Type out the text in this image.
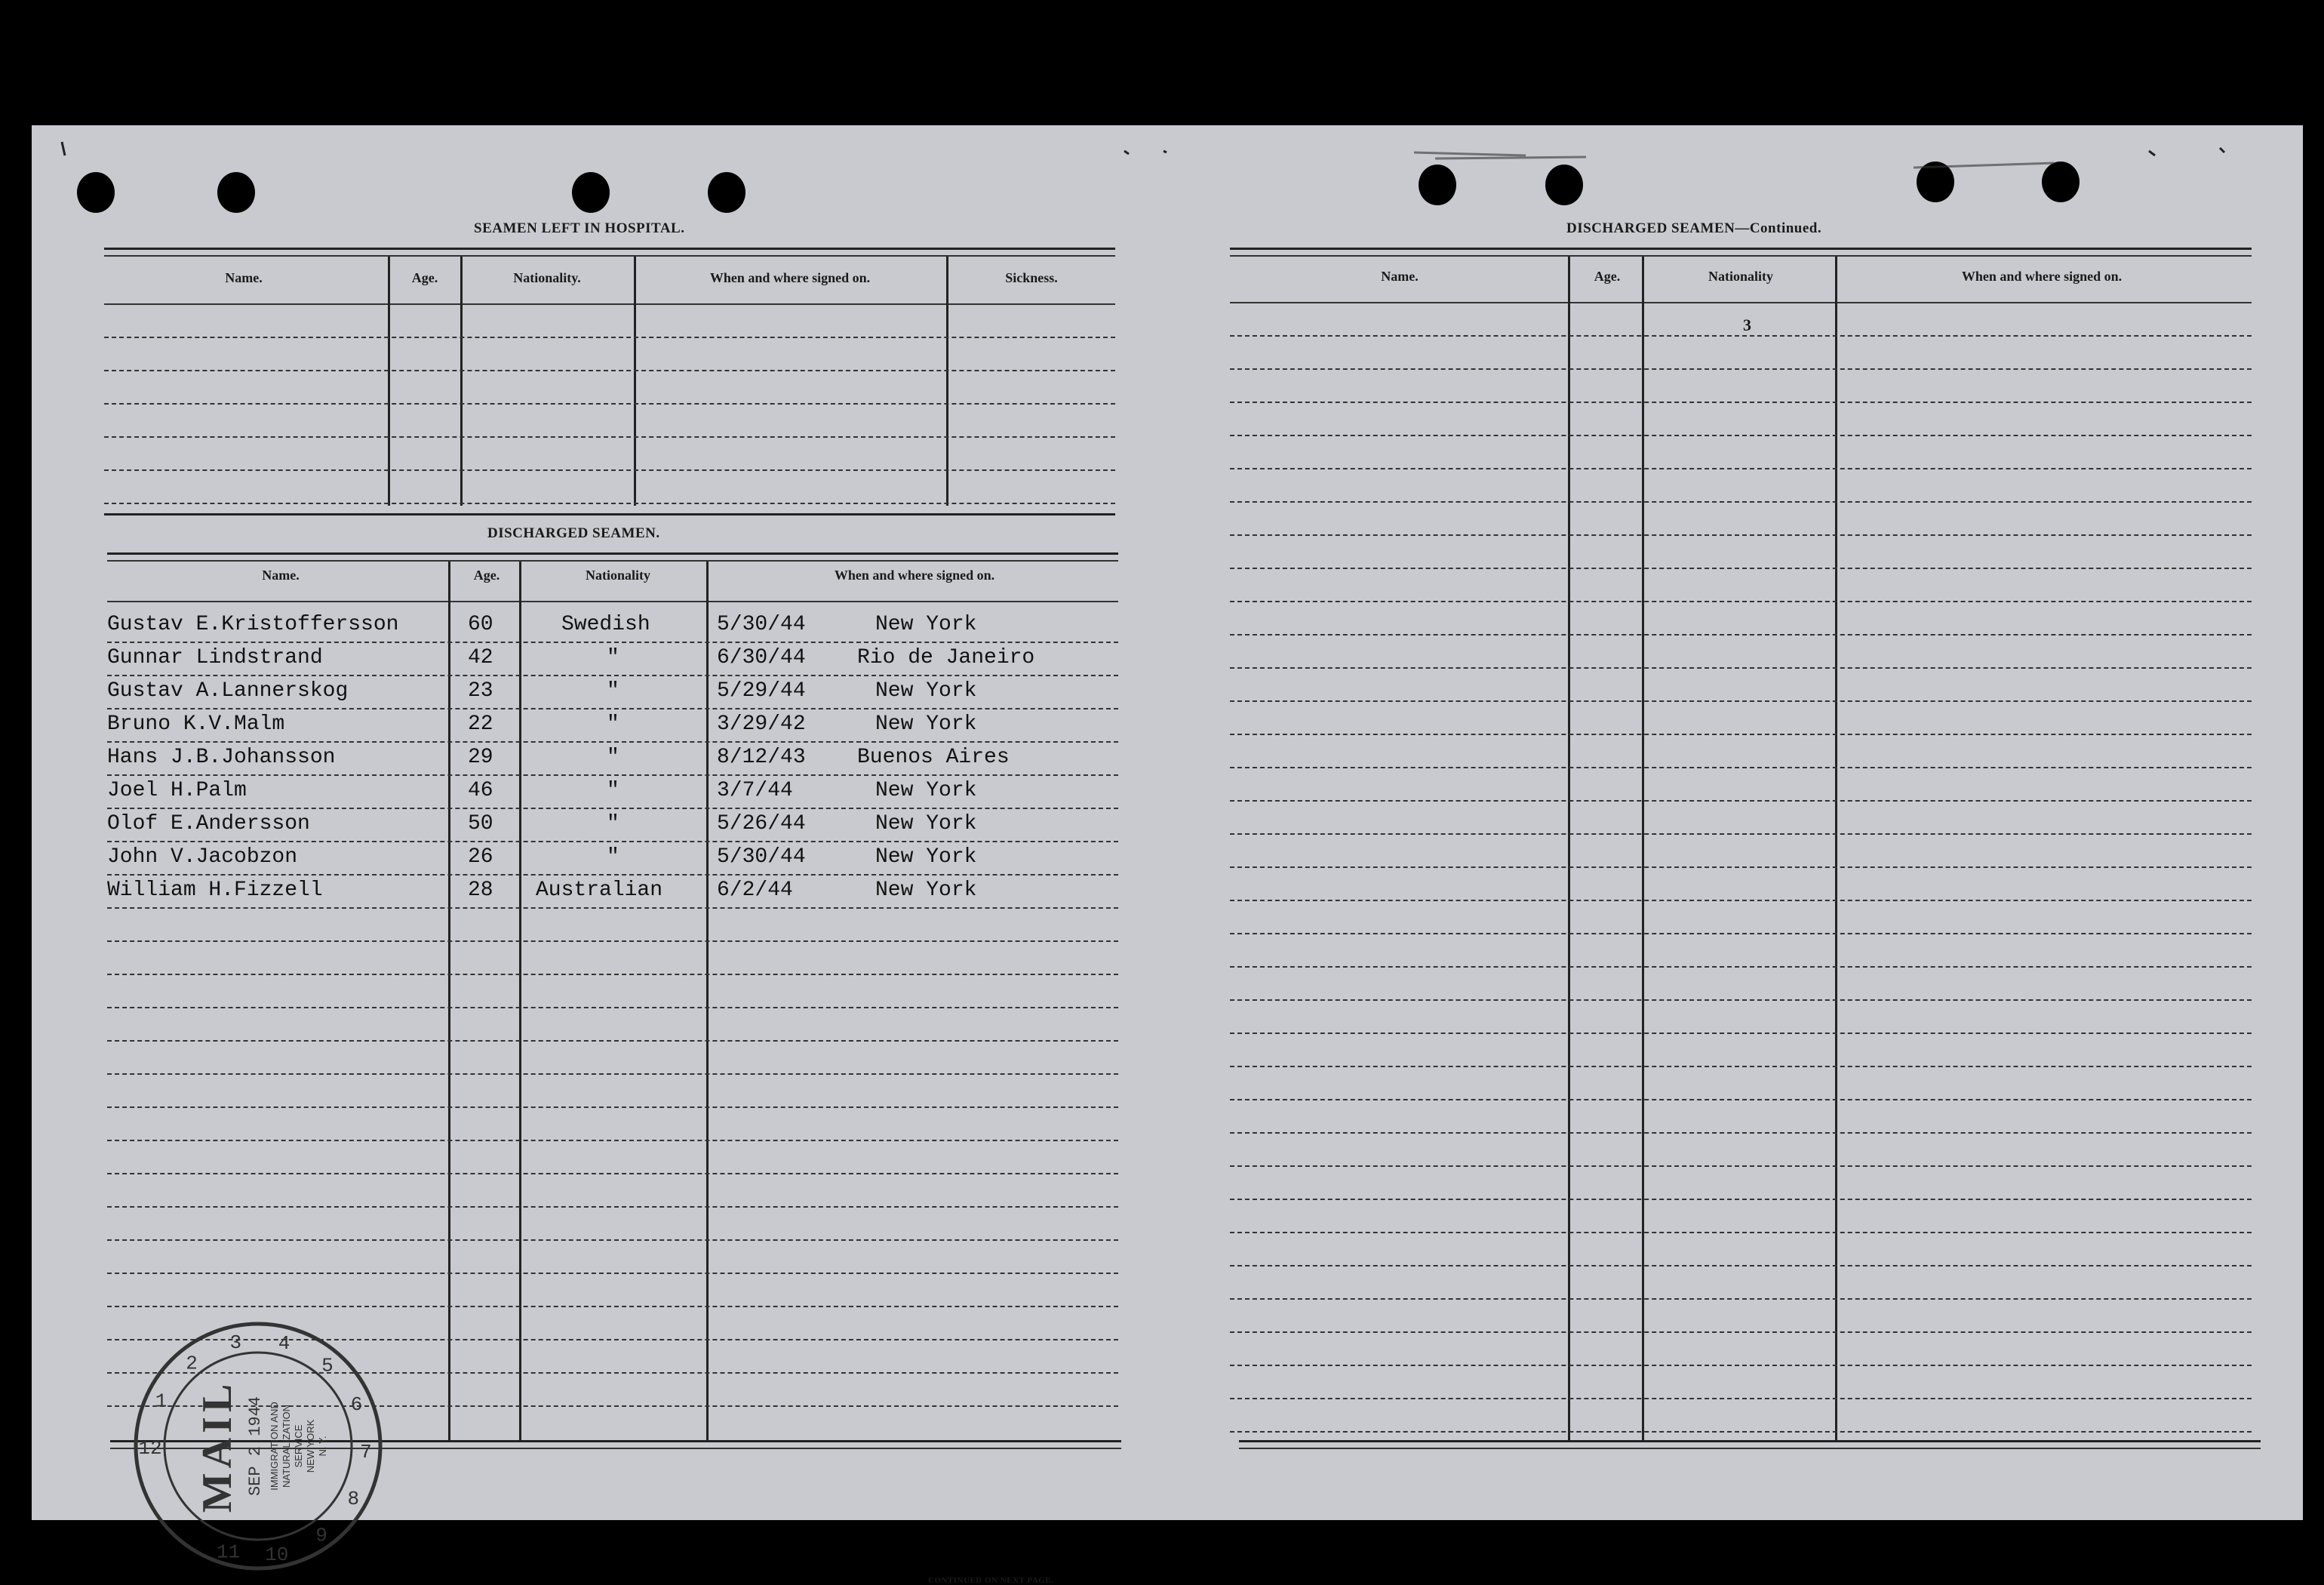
3
SEAMEN LEFT IN HOSPITAL.
Name.	Age.	Nationality.	When and where signed on.	Sickness.
DISCHARGED SEAMEN.
Name.	Age.	Nationality	When and where signed on.
Gustav E.Kristoffersson	60	Swedish	5/30/44	New York
Gunnar Lindstrand	42	"	6/30/44 Rio de Janeiro
Gustav A.Lannerskog	23	"	5/29/44	New York
Bruno K.V.Malm	22	"	3/29/42	New York
Hans J.B.Johansson	29	"	8/12/43 Buenos Aires
Joel H.Palm	46	"	3/7/44	New York
Olof E.Andersson	50	"	5/26/44	New York
John V.Jacobzon	26	"	5/30/44	New York
William H.Fizzell	28 Australian	6/2/44	New York
CONTINUED ON NEXT PAGE.
12
1
2
3 4
5
6
7
8
9
10
11
MAIL SEP 2 1944 IMMIGRATION AND NATURALIZATION SERVICE NEW YORK N. Y.
DISCHARGED SEAMEN—Continued.
Name.	Age.	Nationality	When and where signed on.
